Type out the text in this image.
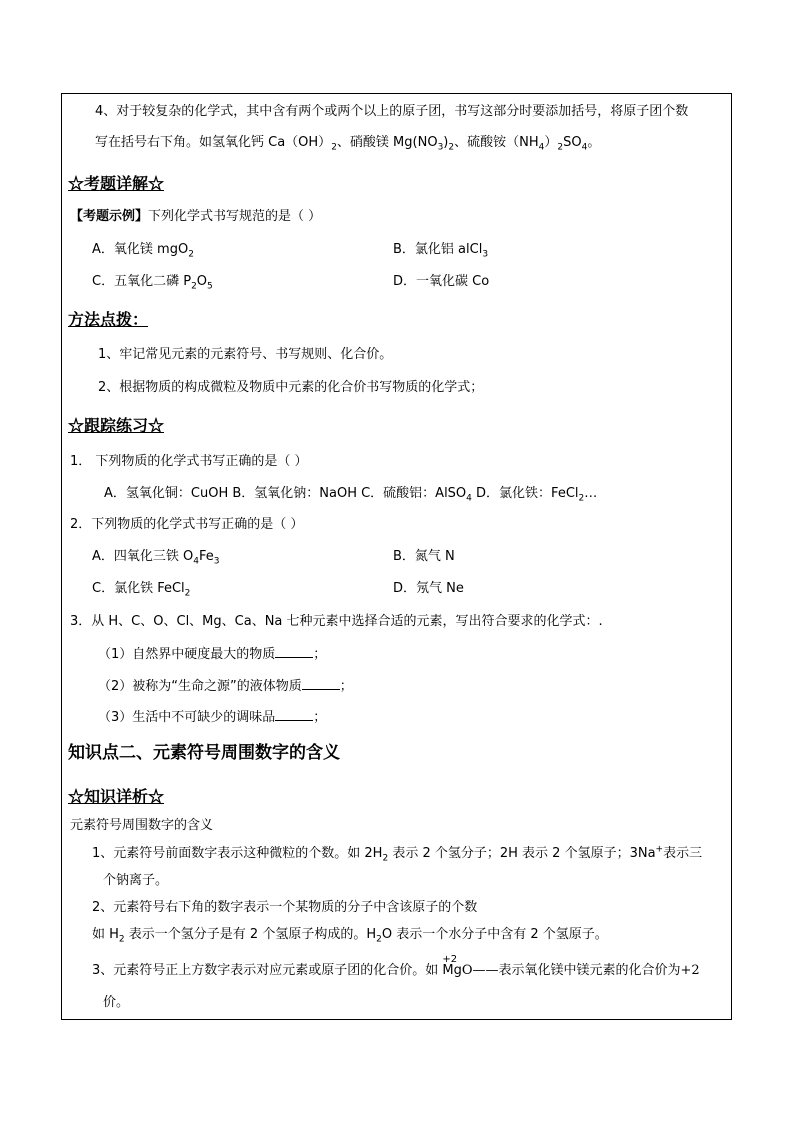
4、对于较复杂的化学式，其中含有两个或两个以上的原子团，书写这部分时要添加括号，将原子团个数
写在括号右下角。如氢氧化钙 $Ca(OH)_2$、硝酸镁 $Mg(NO_3)_2$、硫酸铵$(NH_4)_2SO_4$。
☆考题详解☆
【考题示例】下列化学式书写规范的是（ ）
A．氧化镁 mgO$_2$	B．氯化铝 alCl$_3$
C．五氧化二磷 $P_2O_5$	D．一氧化碳 Co
方法点拨：
1、牢记常见元素的元素符号、书写规则、化合价。
2、根据物质的构成微粒及物质中元素的化合价书写物质的化学式；
☆跟踪练习☆
1． 下列物质的化学式书写正确的是（ ）
A．氢氧化铜：CuOH B．氢氧化钠：NaOH C．硫酸铝：AlSO$_4$ D．氯化铁：FeCl$_2$…
2．下列物质的化学式书写正确的是（ ）
A．四氧化三铁 $O_4Fe_3$	B．氮气 N
C．氯化铁 FeCl$_2$	D．氖气 Ne
3．从 H、C、O、Cl、Mg、Ca、Na 七种元素中选择合适的元素，写出符合要求的化学式：.
（1）自然界中硬度最大的物质	；
（2）被称为“生命之源”的液体物质	；
（3）生活中不可缺少的调味品	；
知识点二、元素符号周围数字的含义
☆知识详析☆
元素符号周围数字的含义
1、元素符号前面数字表示这种微粒的个数。如 $2H_2$ 表示 2 个氢分子；2H 表示 2 个氢原子；3Na+表示三
个钠离子。
2、元素符号右下角的数字表示一个某物质的分子中含该原子的个数
如 $H_2$ 表示一个氢分子是有 2 个氢原子构成的。$H_2O$ 表示一个水分子中含有 2 个氢原子。
3、元素符号正上方数字表示对应元素或原子团的化合价。如
+2
MgO——表示氧化镁中镁元素的化合价为+2
价。
